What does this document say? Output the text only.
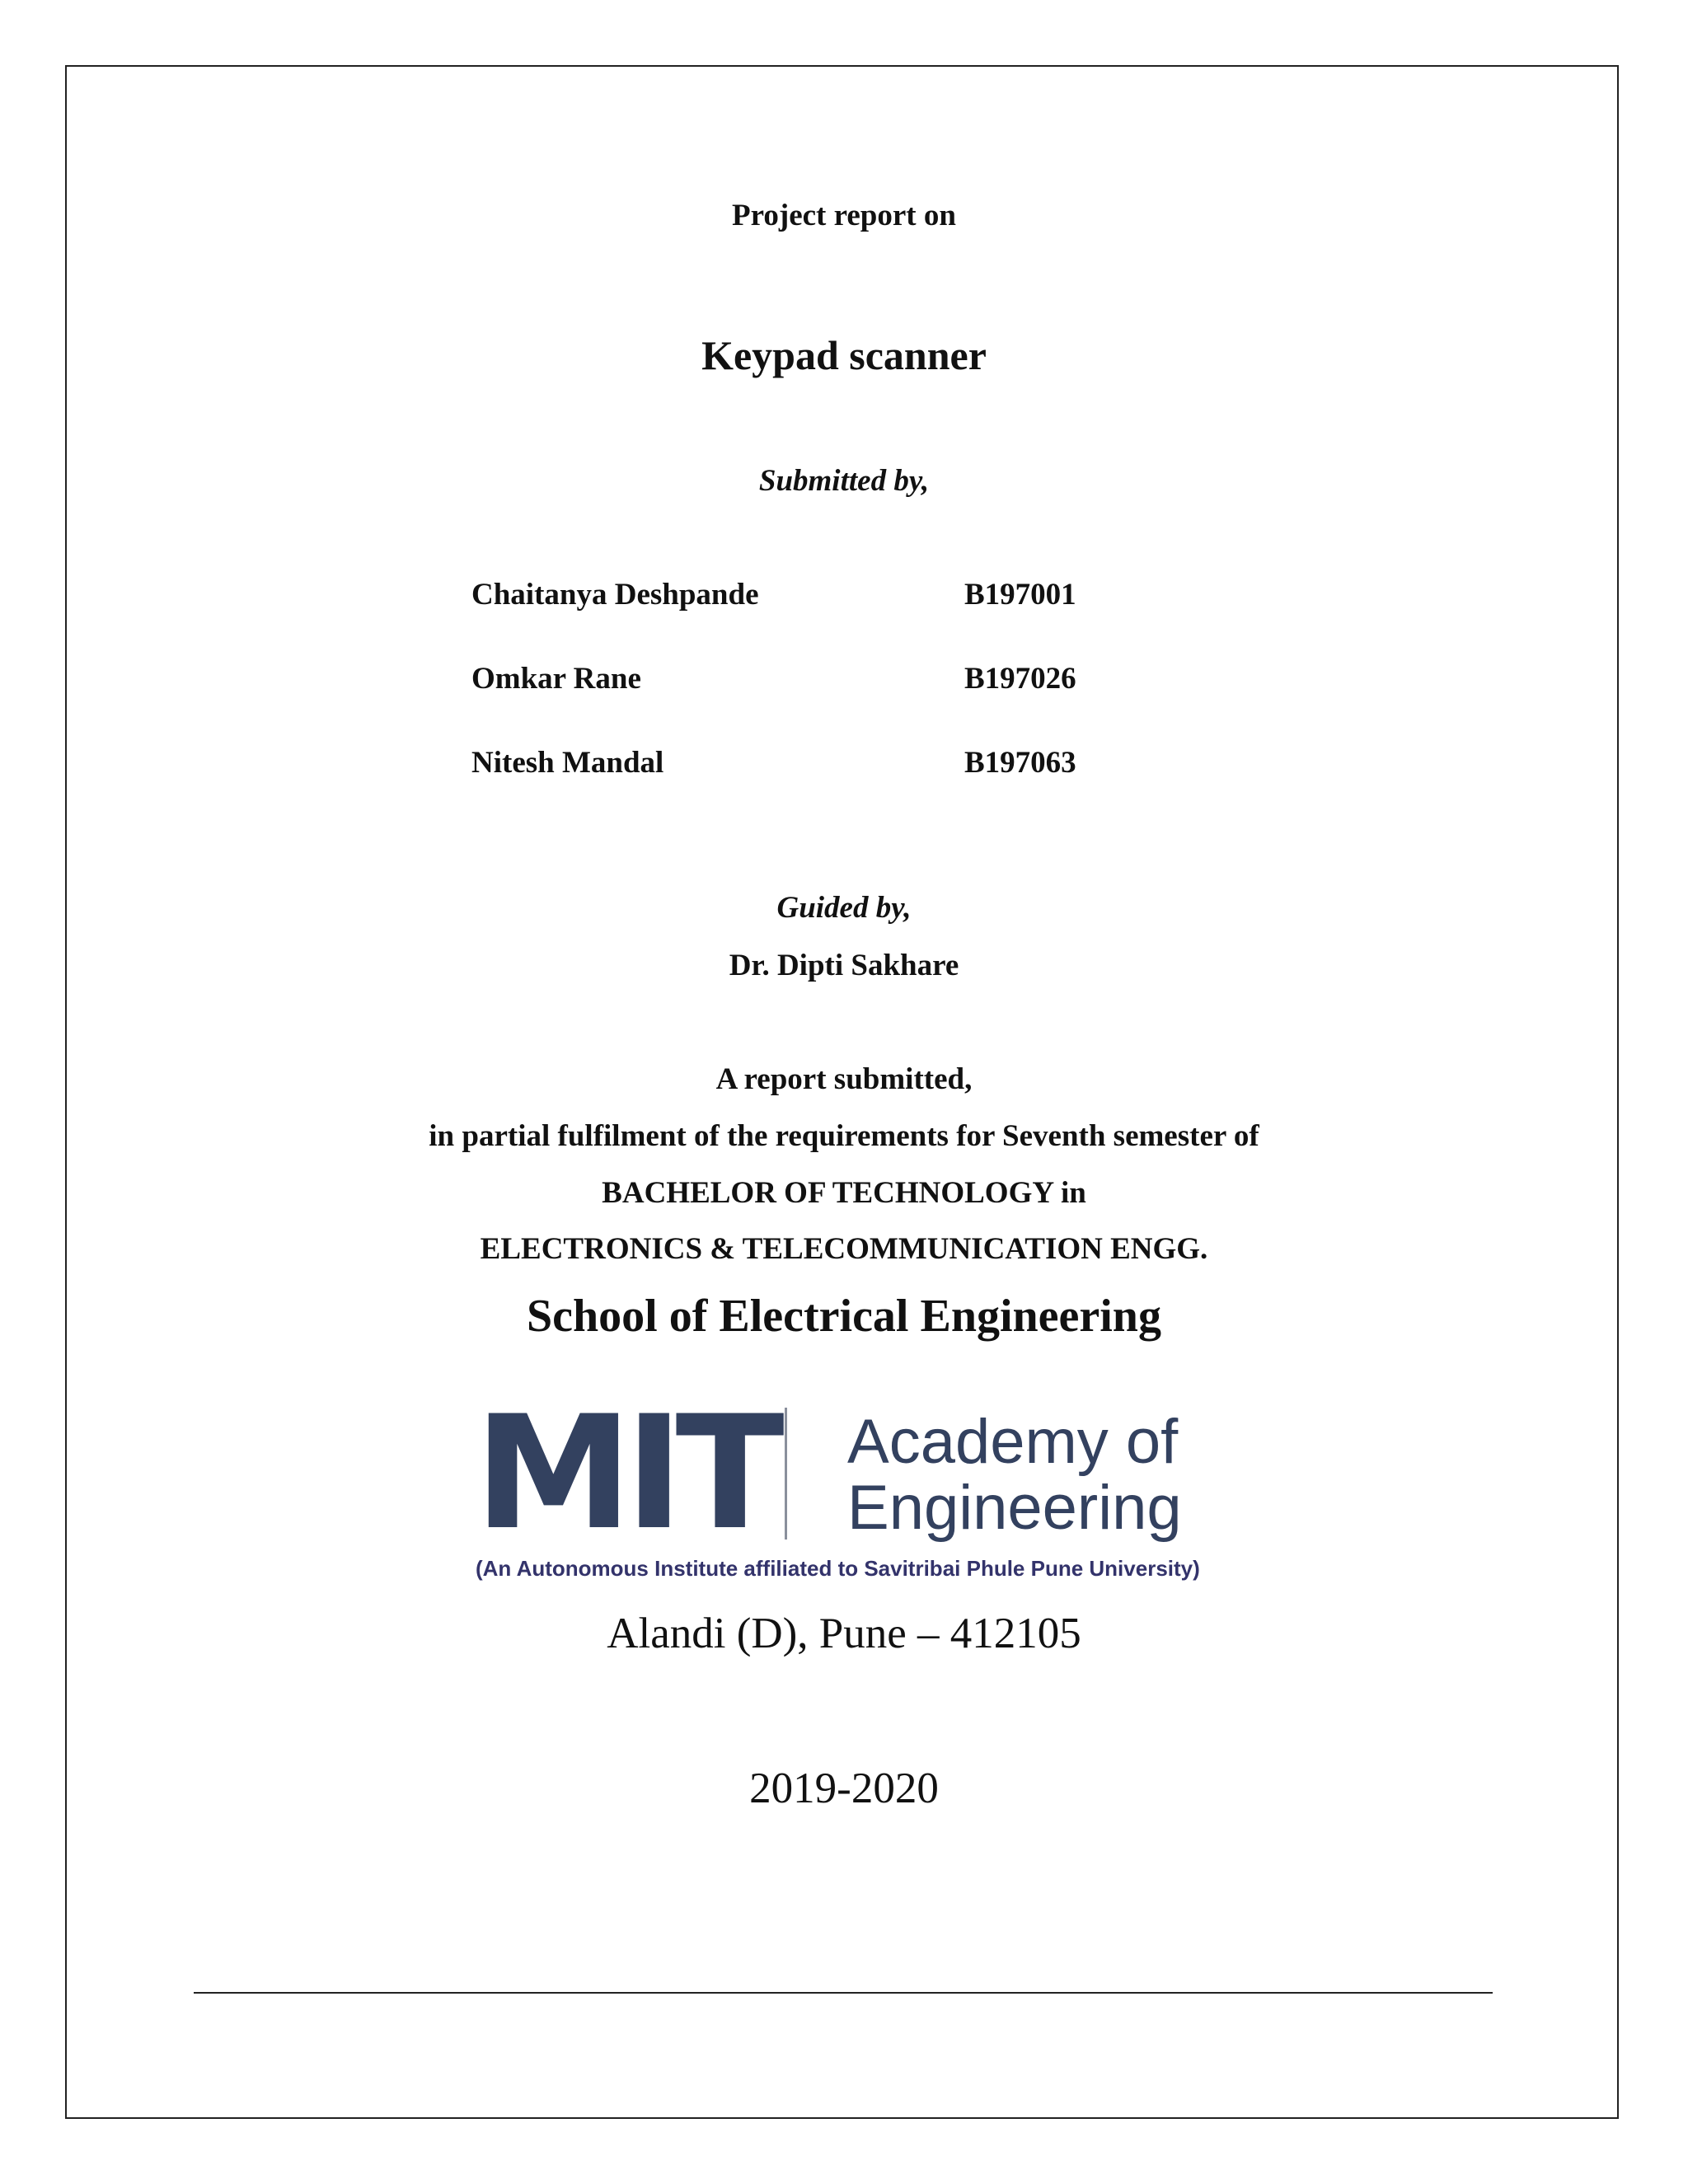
Project report on
Keypad scanner
Submitted by,
Chaitanya Deshpande	B197001
Omkar Rane	B197026
Nitesh Mandal	B197063
Guided by,
Dr. Dipti Sakhare
A report submitted,
in partial fulfilment of the requirements for Seventh semester of
BACHELOR OF TECHNOLOGY in
ELECTRONICS & TELECOMMUNICATION ENGG.
School of Electrical Engineering
MIT Academy of
Engineering
(An Autonomous Institute affiliated to Savitribai Phule Pune University)
Alandi (D), Pune – 412105
2019-2020
